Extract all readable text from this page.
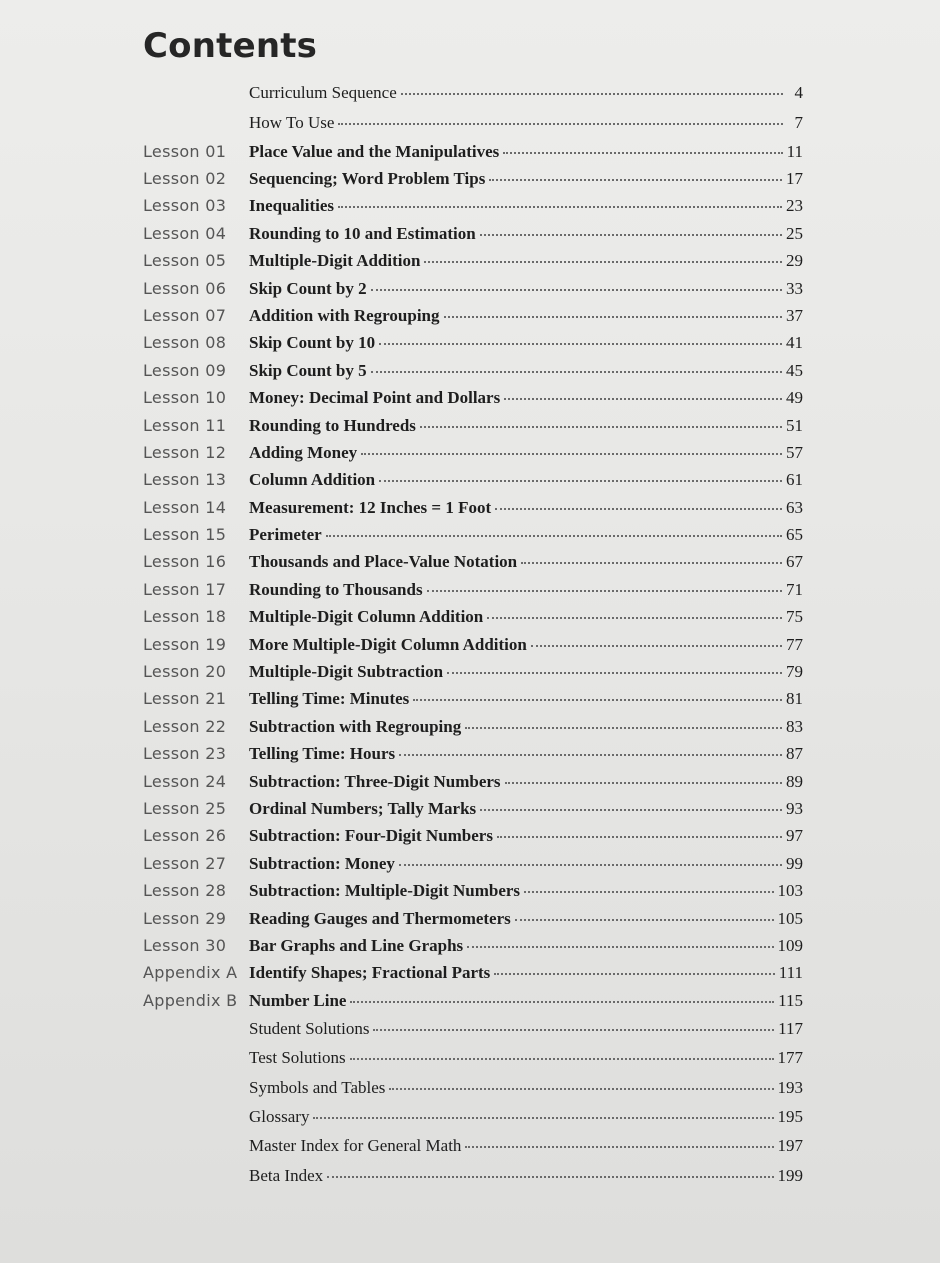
Contents
Curriculum Sequence	4
How To Use	7
Lesson 01	Place Value and the Manipulatives	11
Lesson 02	Sequencing; Word Problem Tips	17
Lesson 03	Inequalities	23
Lesson 04	Rounding to 10 and Estimation	25
Lesson 05	Multiple-Digit Addition	29
Lesson 06	Skip Count by 2	33
Lesson 07	Addition with Regrouping	37
Lesson 08	Skip Count by 10	41
Lesson 09	Skip Count by 5	45
Lesson 10	Money: Decimal Point and Dollars	49
Lesson 11	Rounding to Hundreds	51
Lesson 12	Adding Money	57
Lesson 13	Column Addition	61
Lesson 14	Measurement: 12 Inches = 1 Foot	63
Lesson 15	Perimeter	65
Lesson 16	Thousands and Place-Value Notation	67
Lesson 17	Rounding to Thousands	71
Lesson 18	Multiple-Digit Column Addition	75
Lesson 19	More Multiple-Digit Column Addition	77
Lesson 20	Multiple-Digit Subtraction	79
Lesson 21	Telling Time: Minutes	81
Lesson 22	Subtraction with Regrouping	83
Lesson 23	Telling Time: Hours	87
Lesson 24	Subtraction: Three-Digit Numbers	89
Lesson 25	Ordinal Numbers; Tally Marks	93
Lesson 26	Subtraction: Four-Digit Numbers	97
Lesson 27	Subtraction: Money	99
Lesson 28	Subtraction: Multiple-Digit Numbers	103
Lesson 29	Reading Gauges and Thermometers	105
Lesson 30	Bar Graphs and Line Graphs	109
Appendix A Identify Shapes; Fractional Parts	111
Appendix B Number Line	115
Student Solutions	117
Test Solutions	177
Symbols and Tables	193
Glossary	195
Master Index for General Math	197
Beta Index	199
